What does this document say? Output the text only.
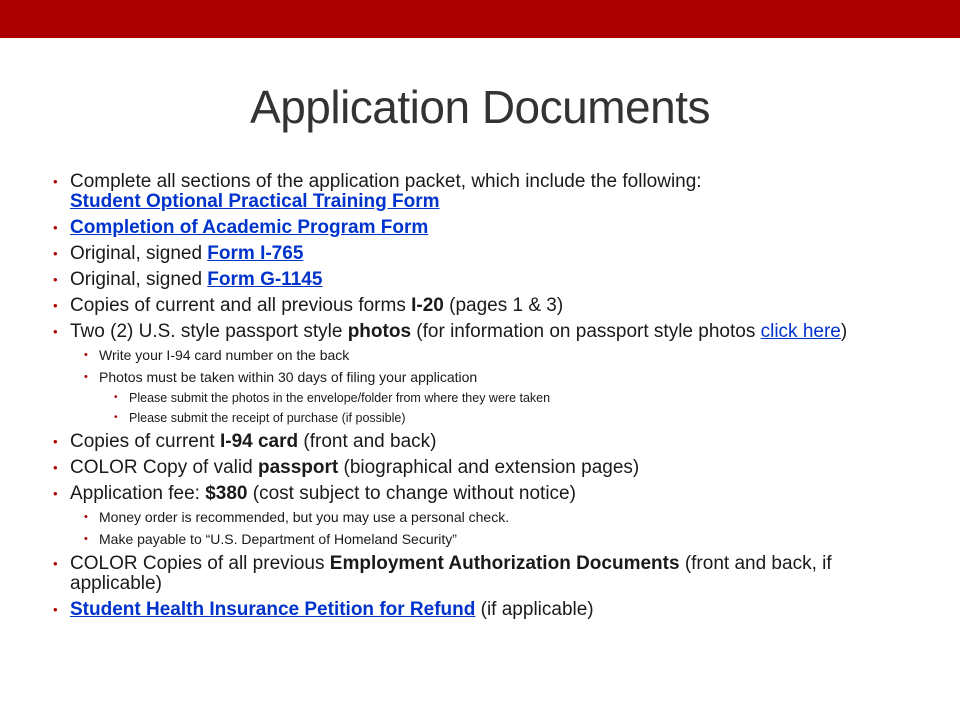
Application Documents
• Complete all sections of the application packet, which include the following:
Student Optional Practical Training Form
• Completion of Academic Program Form
• Original, signed Form I-765
• Original, signed Form G-1145
• Copies of current and all previous forms I-20 (pages 1 & 3)
• Two (2) U.S. style passport style photos (for information on passport style photos click here)
• Write your I-94 card number on the back
• Photos must be taken within 30 days of filing your application
• Please submit the photos in the envelope/folder from where they were taken
• Please submit the receipt of purchase (if possible)
• Copies of current I-94 card (front and back)
• COLOR Copy of valid passport (biographical and extension pages)
• Application fee: $380 (cost subject to change without notice)
• Money order is recommended, but you may use a personal check.
• Make payable to “U.S. Department of Homeland Security”
• COLOR Copies of all previous Employment Authorization Documents (front and back, if applicable)
• Student Health Insurance Petition for Refund (if applicable)
